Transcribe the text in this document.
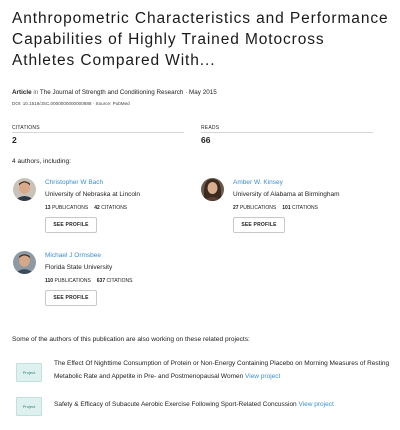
Anthropometric Characteristics and Performance Capabilities of Highly Trained Motocross Athletes Compared With...
Article in The Journal of Strength and Conditioning Research · May 2015
DOI: 10.1519/JSC.0000000000000888 · Source: PubMed
CITATIONS
2
READS
66
4 authors, including:
Christopher W Bach
University of Nebraska at Lincoln
13 PUBLICATIONS 42 CITATIONS
SEE PROFILE
Amber W. Kinsey
University of Alabama at Birmingham
27 PUBLICATIONS 101 CITATIONS
SEE PROFILE
Michael J Ormsbee
Florida State University
110 PUBLICATIONS 637 CITATIONS
SEE PROFILE
Some of the authors of this publication are also working on these related projects:
Project
The Effect Of Nighttime Consumption of Protein or Non-Energy Containing Placebo on Morning Measures of Resting Metabolic Rate and Appetite in Pre- and Postmenopausal Women View project
Project	Safety & Efficacy of Subacute Aerobic Exercise Following Sport-Related Concussion View project
